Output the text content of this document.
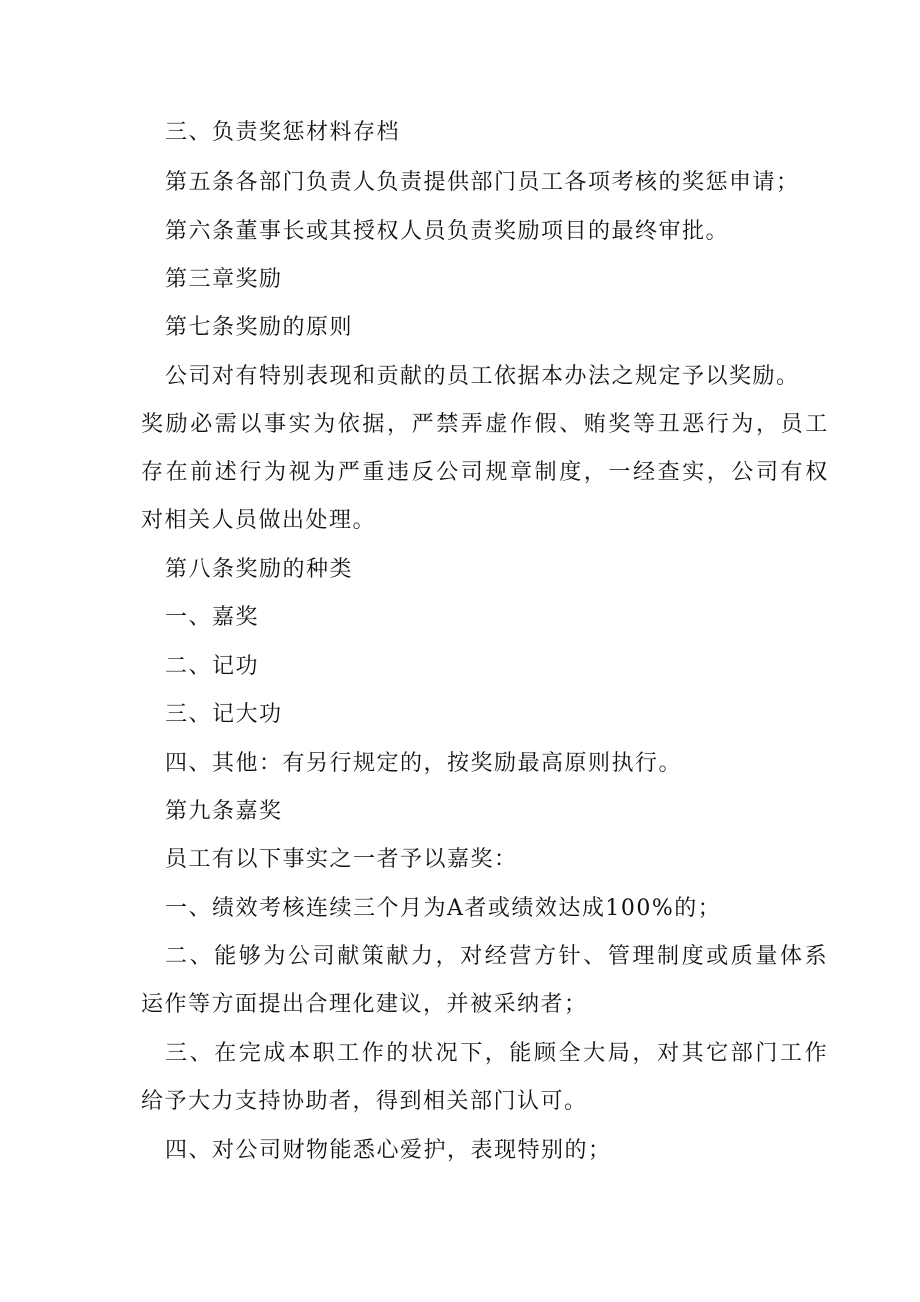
三、负责奖惩材料存档
第五条各部门负责人负责提供部门员工各项考核的奖惩申请；
第六条董事长或其授权人员负责奖励项目的最终审批。
第三章奖励
第七条奖励的原则
公司对有特别表现和贡献的员工依据本办法之规定予以奖励。
奖励必需以事实为依据，严禁弄虚作假、贿奖等丑恶行为，员工
存在前述行为视为严重违反公司规章制度，一经查实，公司有权
对相关人员做出处理。
第八条奖励的种类
一、嘉奖
二、记功
三、记大功
四、其他：有另行规定的，按奖励最高原则执行。
第九条嘉奖
员工有以下事实之一者予以嘉奖：
一、绩效考核连续三个月为A者或绩效达成100%的；
二、能够为公司献策献力，对经营方针、管理制度或质量体系
运作等方面提出合理化建议，并被采纳者；
三、在完成本职工作的状况下，能顾全大局，对其它部门工作
给予大力支持协助者，得到相关部门认可。
四、对公司财物能悉心爱护，表现特别的；
